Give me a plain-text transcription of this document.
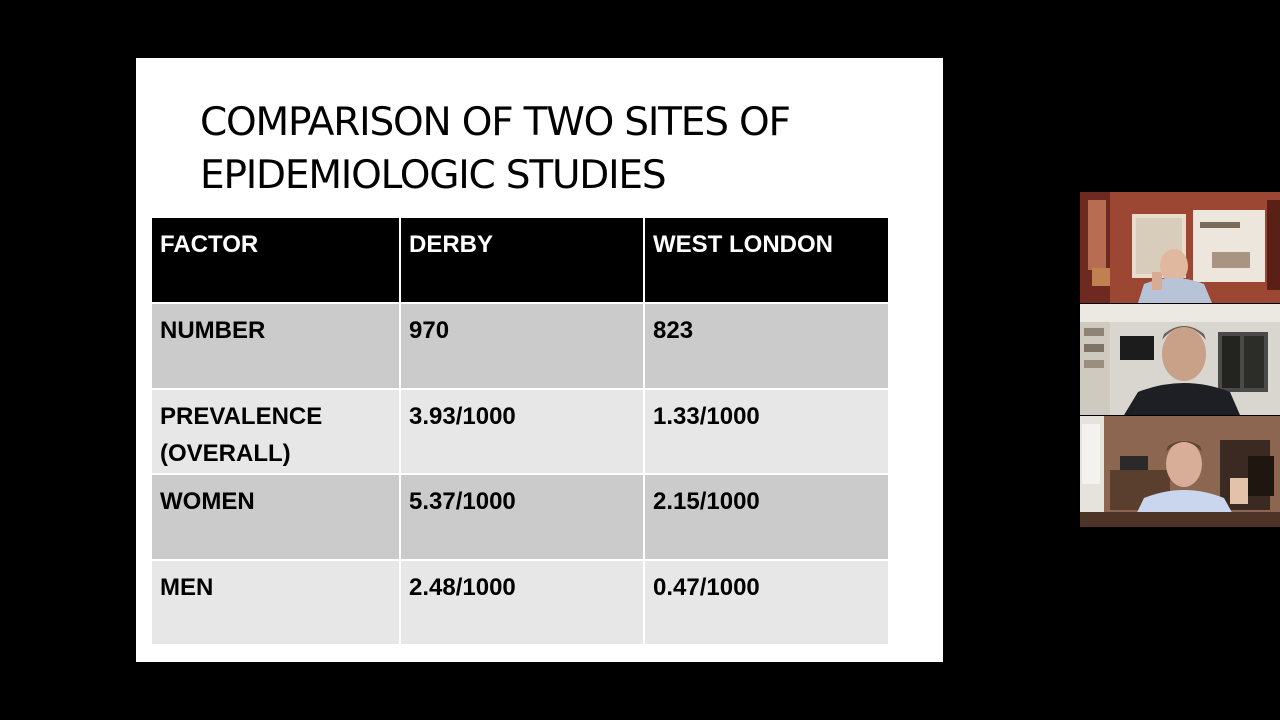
COMPARISON OF TWO SITES OF
EPIDEMIOLOGIC STUDIES
FACTOR	DERBY	WEST LONDON
NUMBER	970	823
PREVALENCE (OVERALL)	3.93/1000	1.33/1000
WOMEN	5.37/1000	2.15/1000
MEN	2.48/1000	0.47/1000
